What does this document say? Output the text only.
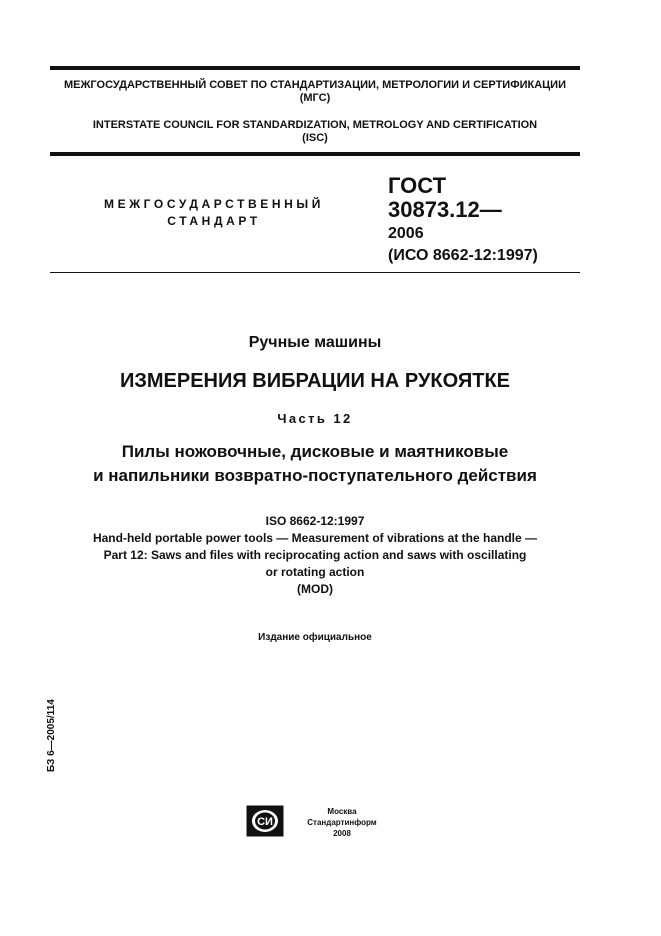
МЕЖГОСУДАРСТВЕННЫЙ СОВЕТ ПО СТАНДАРТИЗАЦИИ, МЕТРОЛОГИИ И СЕРТИФИКАЦИИ
(МГС)
INTERSTATE COUNCIL FOR STANDARDIZATION, METROLOGY AND CERTIFICATION
(ISC)
МЕЖГОСУДАРСТВЕННЫЙ
СТАНДАРТ
ГОСТ
30873.12—
2006
(ИСО 8662-12:1997)
Ручные машины
ИЗМЕРЕНИЯ ВИБРАЦИИ НА РУКОЯТКЕ
Часть 12
Пилы ножовочные, дисковые и маятниковые
и напильники возвратно-поступательного действия
ISO 8662-12:1997
Hand-held portable power tools — Measurement of vibrations at the handle —
Part 12: Saws and files with reciprocating action and saws with oscillating
or rotating action
(MOD)
Издание официальное
БЗ 6—2005/114
СИ
Москва
Стандартинформ
2008
